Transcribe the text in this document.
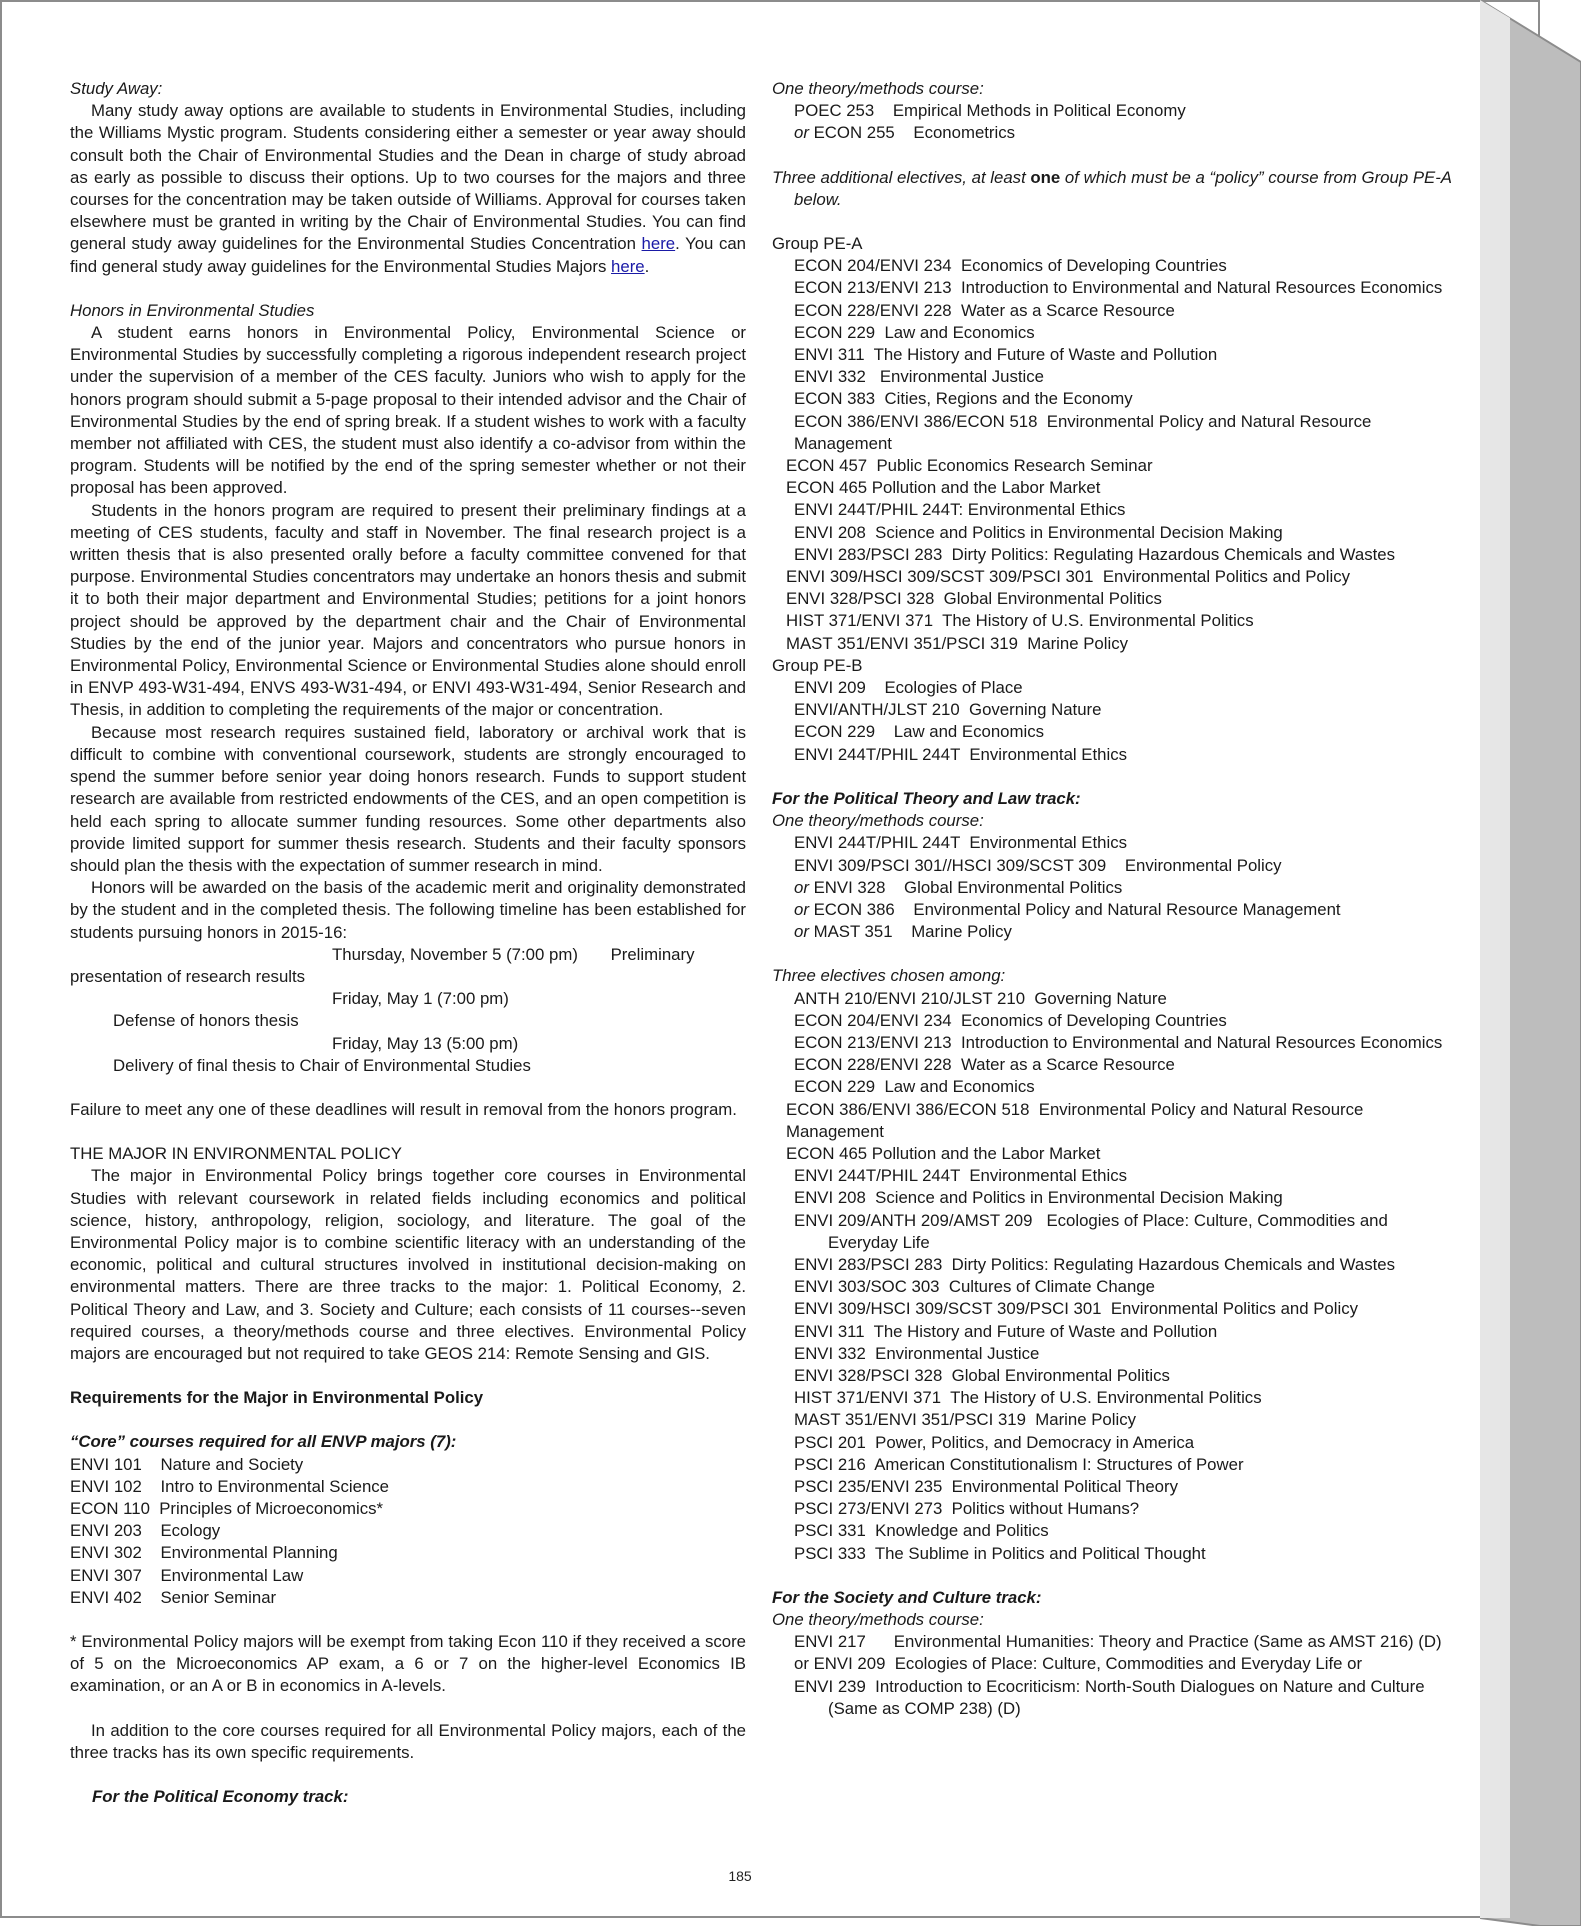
Study Away:

Many study away options are available to students in Environmental Studies, including the Williams Mystic program. Students considering either a semester or year away should consult both the Chair of Environmental Studies and the Dean in charge of study abroad as early as possible to discuss their options. Up to two courses for the majors and three courses for the concentration may be taken outside of Williams. Approval for courses taken elsewhere must be granted in writing by the Chair of Environmental Studies. You can find general study away guidelines for the Environmental Studies Concentration here. You can find general study away guidelines for the Environmental Studies Majors here.

Honors in Environmental Studies

A student earns honors in Environmental Policy, Environmental Science or Environmental Studies by successfully completing a rigorous independent research project under the supervision of a member of the CES faculty. Juniors who wish to apply for the honors program should submit a 5-page proposal to their intended advisor and the Chair of Environmental Studies by the end of spring break. If a student wishes to work with a faculty member not affiliated with CES, the student must also identify a co-advisor from within the program. Students will be notified by the end of the spring semester whether or not their proposal has been approved.

Students in the honors program are required to present their preliminary findings at a meeting of CES students, faculty and staff in November. The final research project is a written thesis that is also presented orally before a faculty committee convened for that purpose. Environmental Studies concentrators may undertake an honors thesis and submit it to both their major department and Environmental Studies; petitions for a joint honors project should be approved by the department chair and the Chair of Environmental Studies by the end of the junior year. Majors and concentrators who pursue honors in Environmental Policy, Environmental Science or Environmental Studies alone should enroll in ENVP 493-W31-494, ENVS 493-W31-494, or ENVI 493-W31-494, Senior Research and Thesis, in addition to completing the requirements of the major or concentration.

Because most research requires sustained field, laboratory or archival work that is difficult to combine with conventional coursework, students are strongly encouraged to spend the summer before senior year doing honors research. Funds to support student research are available from restricted endowments of the CES, and an open competition is held each spring to allocate summer funding resources. Some other departments also provide limited support for summer thesis research. Students and their faculty sponsors should plan the thesis with the expectation of summer research in mind.

Honors will be awarded on the basis of the academic merit and originality demonstrated by the student and in the completed thesis. The following timeline has been established for students pursuing honors in 2015-16:

Thursday, November 5 (7:00 pm) Preliminary

presentation of research results

Friday, May 1 (7:00 pm)

Defense of honors thesis

Friday, May 13 (5:00 pm)

Delivery of final thesis to Chair of Environmental Studies

Failure to meet any one of these deadlines will result in removal from the honors program.

THE MAJOR IN ENVIRONMENTAL POLICY

The major in Environmental Policy brings together core courses in Environmental Studies with relevant coursework in related fields including economics and political science, history, anthropology, religion, sociology, and literature. The goal of the Environmental Policy major is to combine scientific literacy with an understanding of the economic, political and cultural structures involved in institutional decision-making on environmental matters. There are three tracks to the major: 1. Political Economy, 2. Political Theory and Law, and 3. Society and Culture; each consists of 11 courses--seven required courses, a theory/methods course and three electives. Environmental Policy majors are encouraged but not required to take GEOS 214: Remote Sensing and GIS.

Requirements for the Major in Environmental Policy

“Core” courses required for all ENVP majors (7):

ENVI 101    Nature and Society

ENVI 102    Intro to Environmental Science

ECON 110  Principles of Microeconomics*

ENVI 203    Ecology

ENVI 302    Environmental Planning

ENVI 307    Environmental Law

ENVI 402    Senior Seminar

* Environmental Policy majors will be exempt from taking Econ 110 if they received a score of 5 on the Microeconomics AP exam, a 6 or 7 on the higher-level Economics IB examination, or an A or B in economics in A-levels.

In addition to the core courses required for all Environmental Policy majors, each of the three tracks has its own specific requirements.

For the Political Economy track:

One theory/methods course:

POEC 253    Empirical Methods in Political Economy

or ECON 255    Econometrics

Three additional electives, at least one of which must be a “policy” course from Group PE-A below.

Group PE-A

ECON 204/ENVI 234  Economics of Developing Countries

ECON 213/ENVI 213  Introduction to Environmental and Natural Resources Economics

ECON 228/ENVI 228  Water as a Scarce Resource

ECON 229  Law and Economics

ENVI 311  The History and Future of Waste and Pollution

ENVI 332   Environmental Justice

ECON 383  Cities, Regions and the Economy

ECON 386/ENVI 386/ECON 518  Environmental Policy and Natural Resource Management

ECON 457  Public Economics Research Seminar

ECON 465 Pollution and the Labor Market

ENVI 244T/PHIL 244T: Environmental Ethics

ENVI 208  Science and Politics in Environmental Decision Making

ENVI 283/PSCI 283  Dirty Politics: Regulating Hazardous Chemicals and Wastes

ENVI 309/HSCI 309/SCST 309/PSCI 301  Environmental Politics and Policy

ENVI 328/PSCI 328  Global Environmental Politics

HIST 371/ENVI 371  The History of U.S. Environmental Politics

MAST 351/ENVI 351/PSCI 319  Marine Policy

Group PE-B

ENVI 209    Ecologies of Place

ENVI/ANTH/JLST 210  Governing Nature

ECON 229    Law and Economics

ENVI 244T/PHIL 244T  Environmental Ethics

For the Political Theory and Law track:

One theory/methods course:

ENVI 244T/PHIL 244T  Environmental Ethics

ENVI 309/PSCI 301//HSCI 309/SCST 309    Environmental Policy

or ENVI 328    Global Environmental Politics

or ECON 386    Environmental Policy and Natural Resource Management

or MAST 351    Marine Policy

Three electives chosen among:

ANTH 210/ENVI 210/JLST 210  Governing Nature

ECON 204/ENVI 234  Economics of Developing Countries

ECON 213/ENVI 213  Introduction to Environmental and Natural Resources Economics

ECON 228/ENVI 228  Water as a Scarce Resource

ECON 229  Law and Economics

ECON 386/ENVI 386/ECON 518  Environmental Policy and Natural Resource Management

ECON 465 Pollution and the Labor Market

ENVI 244T/PHIL 244T  Environmental Ethics

ENVI 208  Science and Politics in Environmental Decision Making

ENVI 209/ANTH 209/AMST 209   Ecologies of Place: Culture, Commodities and Everyday Life

ENVI 283/PSCI 283  Dirty Politics: Regulating Hazardous Chemicals and Wastes

ENVI 303/SOC 303  Cultures of Climate Change

ENVI 309/HSCI 309/SCST 309/PSCI 301  Environmental Politics and Policy

ENVI 311  The History and Future of Waste and Pollution

ENVI 332  Environmental Justice

ENVI 328/PSCI 328  Global Environmental Politics

HIST 371/ENVI 371  The History of U.S. Environmental Politics

MAST 351/ENVI 351/PSCI 319  Marine Policy

PSCI 201  Power, Politics, and Democracy in America

PSCI 216  American Constitutionalism I: Structures of Power

PSCI 235/ENVI 235  Environmental Political Theory

PSCI 273/ENVI 273  Politics without Humans?

PSCI 331  Knowledge and Politics

PSCI 333  The Sublime in Politics and Political Thought

For the Society and Culture track:

One theory/methods course:

ENVI 217      Environmental Humanities: Theory and Practice (Same as AMST 216) (D)

or ENVI 209  Ecologies of Place: Culture, Commodities and Everyday Life or

ENVI 239  Introduction to Ecocriticism: North-South Dialogues on Nature and Culture (Same as COMP 238) (D)

185
